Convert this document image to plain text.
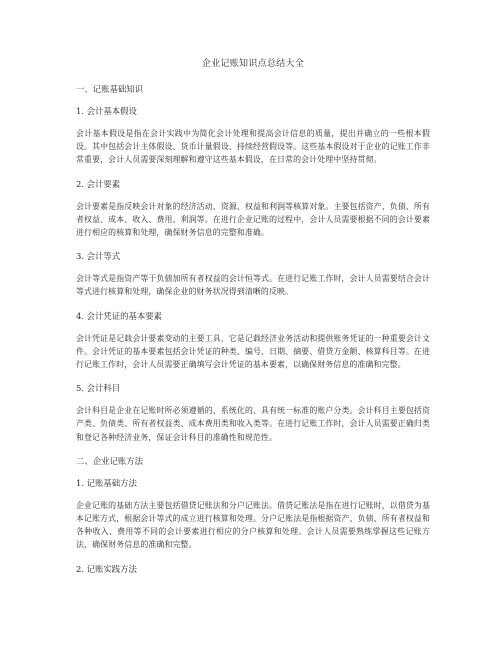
企业记账知识点总结大全
一、记账基础知识
1. 会计基本假设
会计基本假设是指在会计实践中为简化会计处理和提高会计信息的质量，提出并确立的一些根本假设。其中包括会计主体假设、货币计量假设、持续经营假设等。这些基本假设对于企业的记账工作非常重要，会计人员需要深刻理解和遵守这些基本假设，在日常的会计处理中坚持贯彻。
2. 会计要素
会计要素是指反映会计对象的经济活动、资源、权益和利润等核算对象。主要包括资产、负债、所有者权益、成本、收入、费用、利润等。在进行企业记账的过程中，会计人员需要根据不同的会计要素进行相应的核算和处理，确保财务信息的完整和准确。
3. 会计等式
会计等式是指资产等于负债加所有者权益的会计恒等式。在进行记账工作时，会计人员需要结合会计等式进行核算和处理，确保企业的财务状况得到清晰的反映。
4. 会计凭证的基本要素
会计凭证是记载会计要素变动的主要工具，它是记载经济业务活动和提供账务凭证的一种重要会计文件。会计凭证的基本要素包括会计凭证的种类、编号、日期、摘要、借贷方金额、核算科目等。在进行记账工作时，会计人员需要正确填写会计凭证的基本要素，以确保财务信息的准确和完整。
5. 会计科目
会计科目是企业在记账时所必须遵循的、系统化的、具有统一标准的账户分类。会计科目主要包括资产类、负债类、所有者权益类、成本费用类和收入类等。在进行记账工作时，会计人员需要正确归类和登记各种经济业务，保证会计科目的准确性和规范性。
二、企业记账方法
1. 记账基础方法
企业记账的基础方法主要包括借贷记账法和分户记账法。借贷记账法是指在进行记账时，以借贷为基本记账方式，根据会计等式的成立进行核算和处理。分户记账法是指根据资产、负债、所有者权益和各种收入、费用等不同的会计要素进行相应的分户核算和处理。会计人员需要熟练掌握这些记账方法，确保财务信息的准确和完整。
2. 记账实践方法
